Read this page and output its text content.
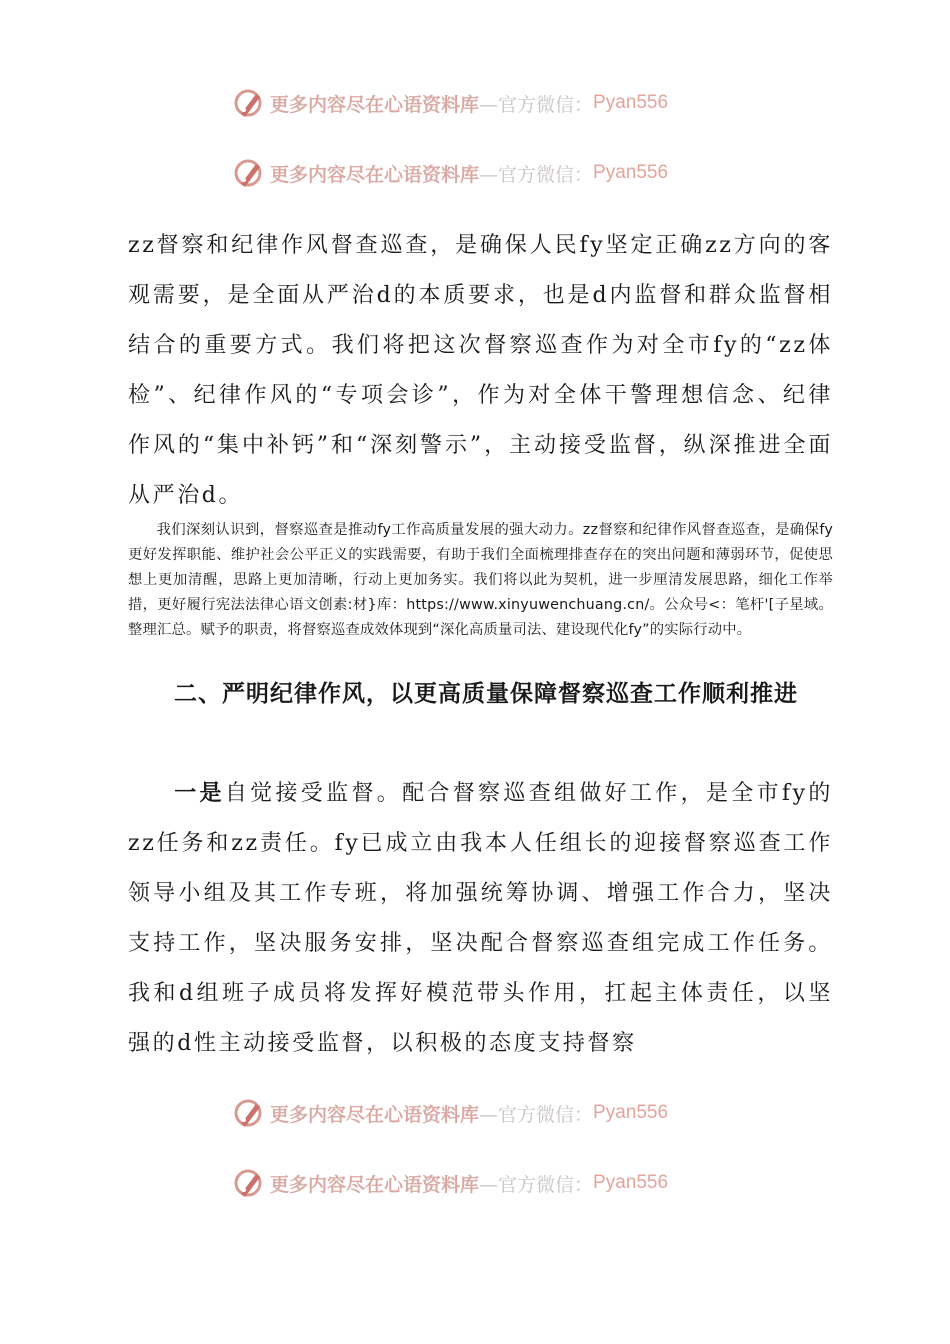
更多内容尽在心语资料库 —官方微信： Pyan556
更多内容尽在心语资料库 —官方微信： Pyan556

zz督察和纪律作风督查巡查，是确保人民fy坚定正确zz方向的客观需要，是全面从严治d的本质要求，也是d内监督和群众监督相结合的重要方式。我们将把这次督察巡查作为对全市fy的“zz体检”、纪律作风的“专项会诊”，作为对全体干警理想信念、纪律作风的“集中补钙”和“深刻警示”，主动接受监督，纵深推进全面从严治d。

我们深刻认识到，督察巡查是推动fy工作高质量发展的强大动力。zz督察和纪律作风督查巡查，是确保fy更好发挥职能、维护社会公平正义的实践需要，有助于我们全面梳理排查存在的突出问题和薄弱环节，促使思想上更加清醒，思路上更加清晰，行动上更加务实。我们将以此为契机，进一步厘清发展思路，细化工作举措，更好履行宪法法律心语文创素:材}库：https://www.xinyuwenchuang.cn/。公众号<：笔杆'[子星域。整理汇总。赋予的职责，将督察巡查成效体现到“深化高质量司法、建设现代化fy”的实际行动中。

二、严明纪律作风，以更高质量保障督察巡查工作顺利推进

一是自觉接受监督。配合督察巡查组做好工作，是全市fy的zz任务和zz责任。fy已成立由我本人任组长的迎接督察巡查工作领导小组及其工作专班，将加强统筹协调、增强工作合力，坚决支持工作，坚决服务安排，坚决配合督察巡查组完成工作任务。我和d组班子成员将发挥好模范带头作用，扛起主体责任，以坚强的d性主动接受监督，以积极的态度支持督察

更多内容尽在心语资料库 —官方微信： Pyan556
更多内容尽在心语资料库 —官方微信： Pyan556
